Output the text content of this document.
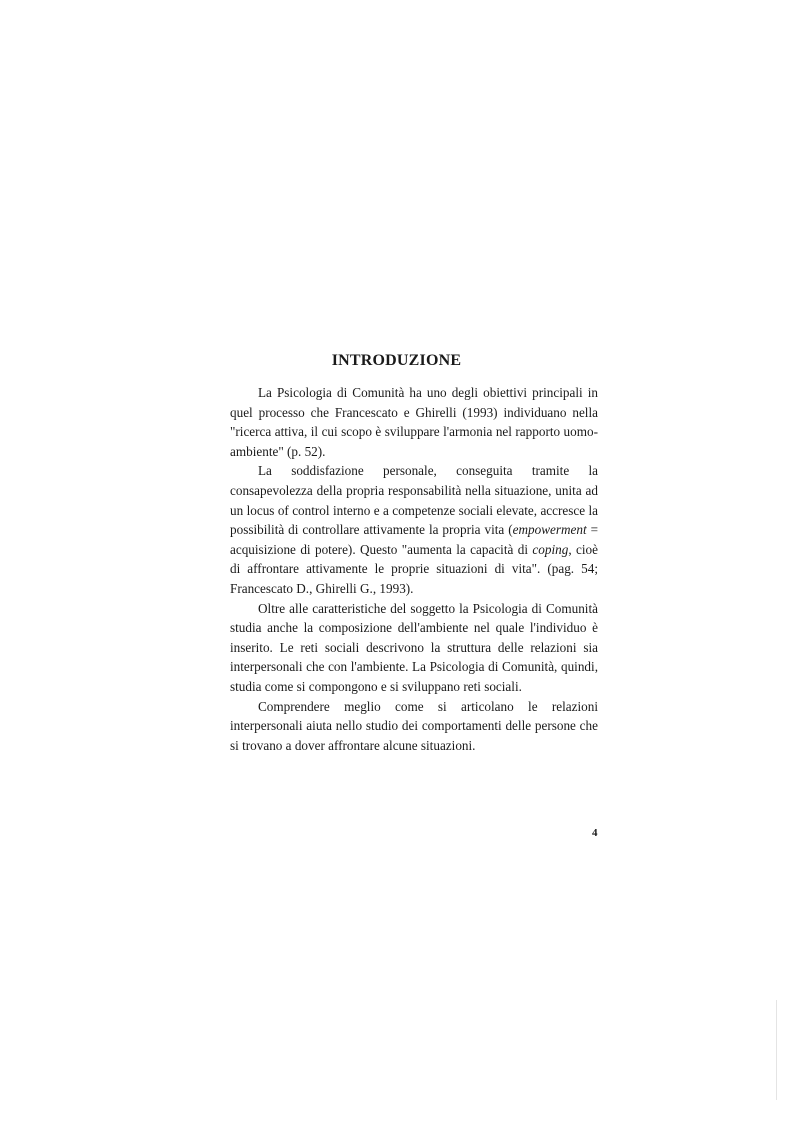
INTRODUZIONE

La Psicologia di Comunità ha uno degli obiettivi principali in quel processo che Francescato e Ghirelli (1993) individuano nella "ricerca attiva, il cui scopo è sviluppare l'armonia nel rapporto uomo-ambiente" (p. 52).

La soddisfazione personale, conseguita tramite la consapevolezza della propria responsabilità nella situazione, unita ad un locus of control interno e a competenze sociali elevate, accresce la possibilità di controllare attivamente la propria vita (empowerment = acquisizione di potere). Questo "aumenta la capacità di coping, cioè di affrontare attivamente le proprie situazioni di vita". (pag. 54; Francescato D., Ghirelli G., 1993).

Oltre alle caratteristiche del soggetto la Psicologia di Comunità studia anche la composizione dell'ambiente nel quale l'individuo è inserito. Le reti sociali descrivono la struttura delle relazioni sia interpersonali che con l'ambiente. La Psicologia di Comunità, quindi, studia come si compongono e si sviluppano reti sociali.

Comprendere meglio come si articolano le relazioni interpersonali aiuta nello studio dei comportamenti delle persone che si trovano a dover affrontare alcune situazioni.

4
